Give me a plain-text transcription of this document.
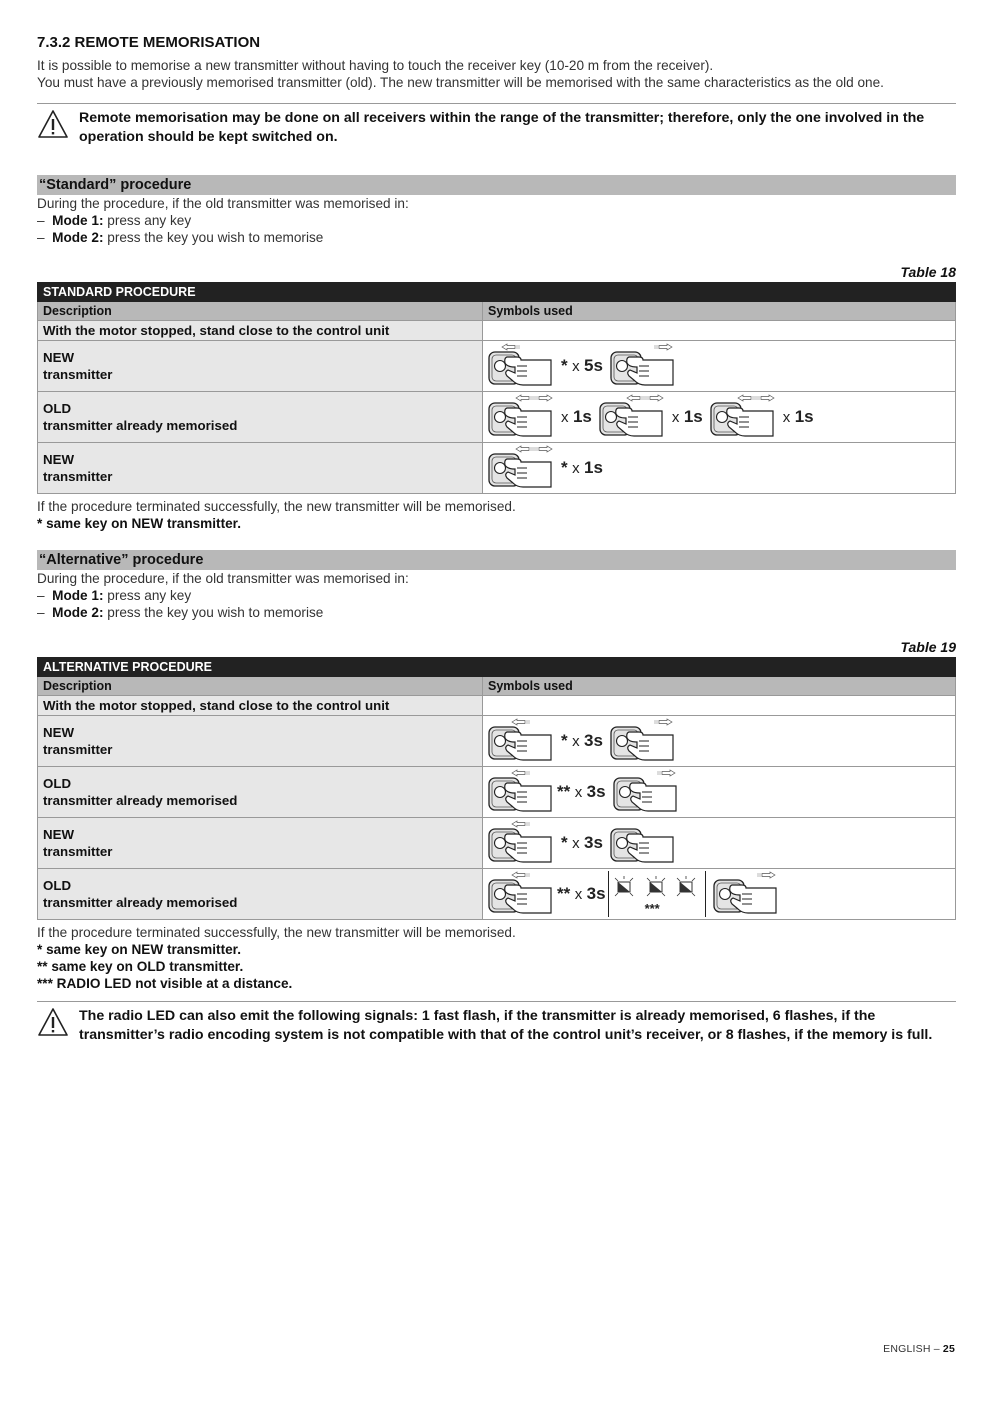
7.3.2 REMOTE MEMORISATION
It is possible to memorise a new transmitter without having to touch the receiver key (10-20 m from the receiver).
You must have a previously memorised transmitter (old). The new transmitter will be memorised with the same characteristics as the old one.
Remote memorisation may be done on all receivers within the range of the transmitter; therefore, only the one involved in the operation should be kept switched on.
“Standard” procedure
During the procedure, if the old transmitter was memorised in:
–  Mode 1: press any key
–  Mode 2: press the key you wish to memorise
Table 18
STANDARD PROCEDURE	
Description	Symbols used
With the motor stopped, stand close to the control unit	
NEW
transmitter	* x 5s

OLD
transmitter already memorised	x 1s x 1s x 1s

NEW
transmitter	* x 1s
If the procedure terminated successfully, the new transmitter will be memorised.
* same key on NEW transmitter.
“Alternative” procedure
During the procedure, if the old transmitter was memorised in:
–  Mode 1: press any key
–  Mode 2: press the key you wish to memorise
Table 19
ALTERNATIVE PROCEDURE	
Description	Symbols used
With the motor stopped, stand close to the control unit	
NEW
transmitter	* x 3s

OLD
transmitter already memorised	** x 3s

NEW
transmitter	* x 3s

OLD
transmitter already memorised	** x 3s
***
If the procedure terminated successfully, the new transmitter will be memorised.
* same key on NEW transmitter.
** same key on OLD transmitter.
*** RADIO LED not visible at a distance.
The radio LED can also emit the following signals: 1 fast flash, if the transmitter is already memorised, 6 flashes, if the transmitter’s radio encoding system is not compatible with that of the control unit’s receiver, or 8 flashes, if the memory is full.
ENGLISH – 25
